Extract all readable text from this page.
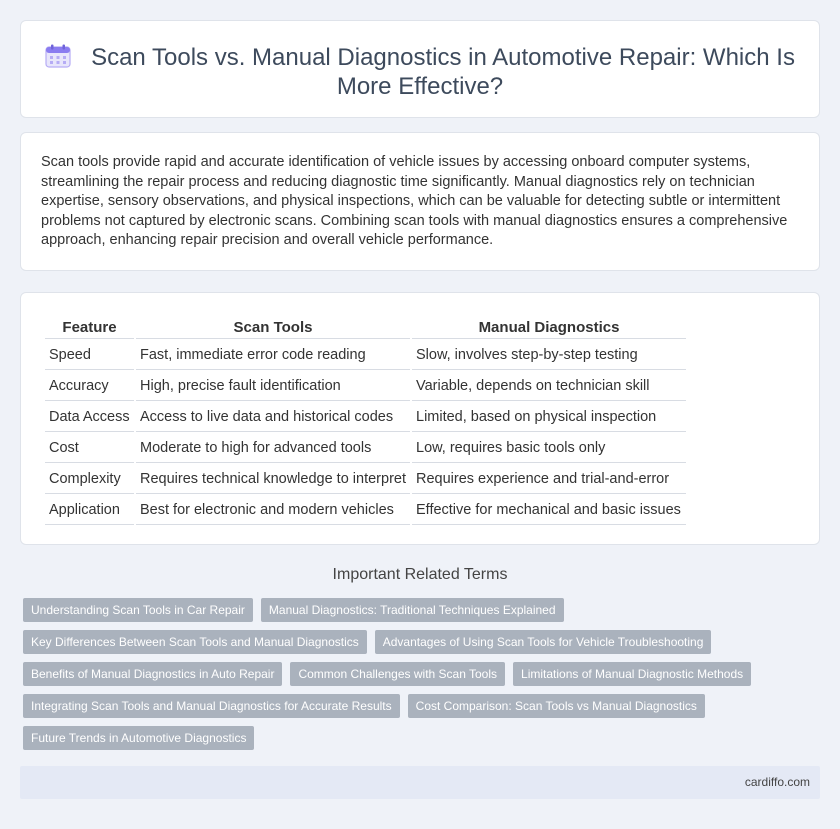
Scan Tools vs. Manual Diagnostics in Automotive Repair: Which Is More Effective?

Scan tools provide rapid and accurate identification of vehicle issues by accessing onboard computer systems, streamlining the repair process and reducing diagnostic time significantly. Manual diagnostics rely on technician expertise, sensory observations, and physical inspections, which can be valuable for detecting subtle or intermittent problems not captured by electronic scans. Combining scan tools with manual diagnostics ensures a comprehensive approach, enhancing repair precision and overall vehicle performance.

Feature	Scan Tools	Manual Diagnostics
Speed	Fast, immediate error code reading	Slow, involves step-by-step testing
Accuracy	High, precise fault identification	Variable, depends on technician skill
Data Access	Access to live data and historical codes	Limited, based on physical inspection
Cost	Moderate to high for advanced tools	Low, requires basic tools only
Complexity	Requires technical knowledge to interpret	Requires experience and trial-and-error
Application	Best for electronic and modern vehicles	Effective for mechanical and basic issues
Important Related Terms
Understanding Scan Tools in Car Repair	Manual Diagnostics: Traditional Techniques Explained
Key Differences Between Scan Tools and Manual Diagnostics	Advantages of Using Scan Tools for Vehicle Troubleshooting
Benefits of Manual Diagnostics in Auto Repair	Common Challenges with Scan Tools	Limitations of Manual Diagnostic Methods
Integrating Scan Tools and Manual Diagnostics for Accurate Results	Cost Comparison: Scan Tools vs Manual Diagnostics
Future Trends in Automotive Diagnostics
cardiffo.com
